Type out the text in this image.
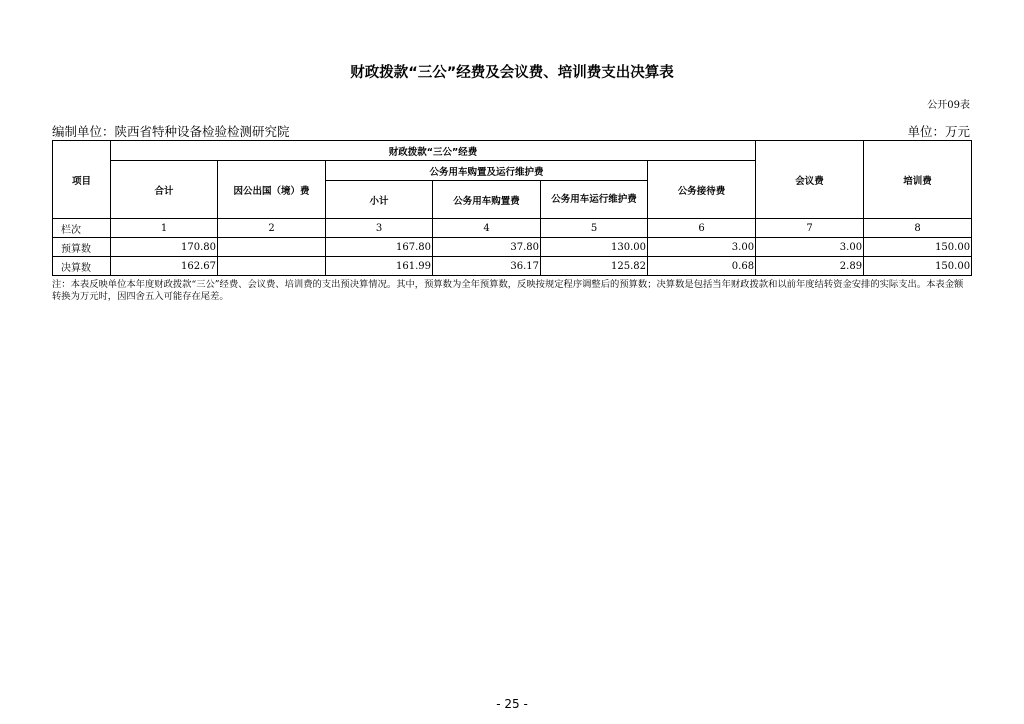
财政拨款“三公”经费及会议费、培训费支出决算表
公开09表
编制单位：陕西省特种设备检验检测研究院	单位：万元
项目	财政拨款“三公”经费						会议费	培训费
	合计	因公出国（境）费	公务用车购置及运行维护费			公务接待费		
			小计	公务用车购置费	公务用车运行维护费			

栏次	1	2	3	4	5	6	7	8
预算数	170.80		167.80	37.80	130.00	3.00	3.00	150.00
决算数	162.67		161.99	36.17	125.82	0.68	2.89	150.00
注：本表反映单位本年度财政拨款“三公”经费、会议费、培训费的支出预决算情况。其中，预算数为全年预算数，反映按规定程序调整后的预算数；决算数是包括当年财政拨款和以前年度结转资金安排的实际支出。本表金额转换为万元时，因四舍五入可能存在尾差。
- 25 -
